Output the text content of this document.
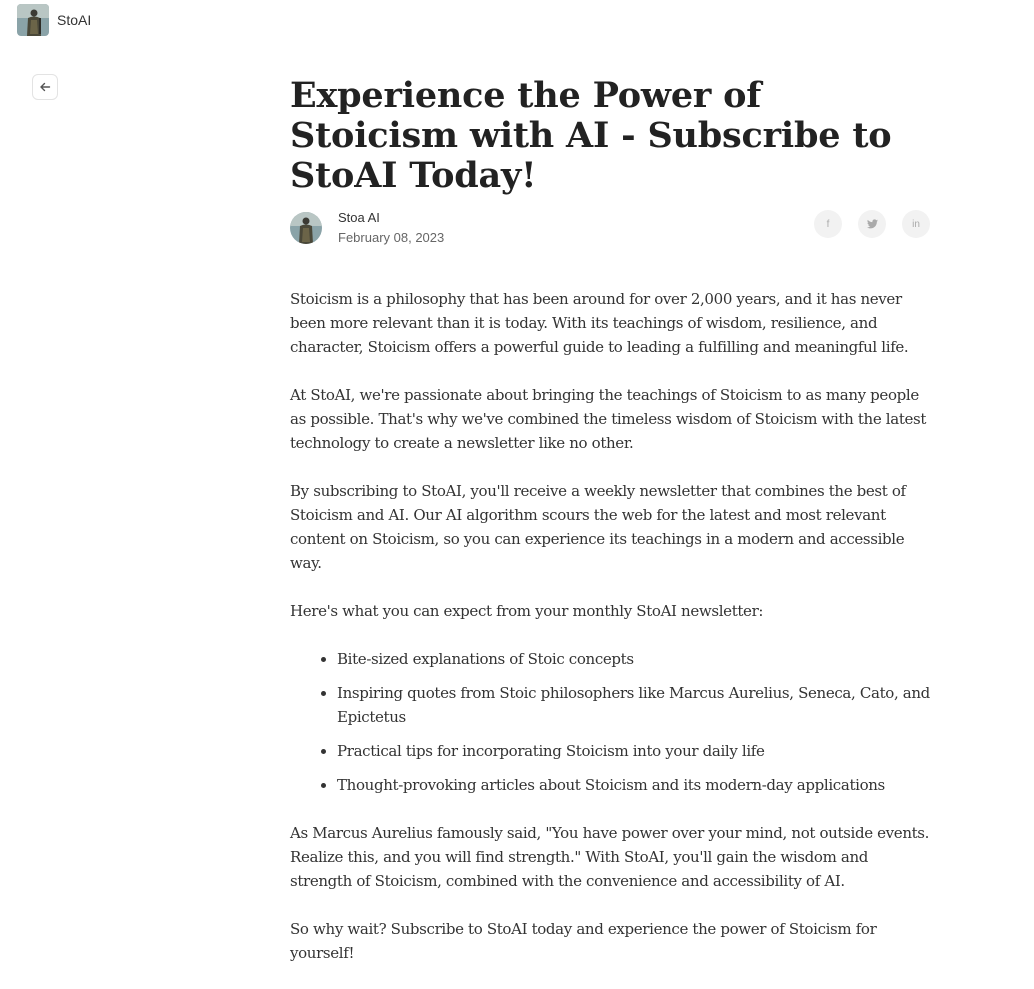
StoAI
Experience the Power of Stoicism with AI - Subscribe to StoAI Today!
Stoa AI
February 08, 2023
f	in

Stoicism is a philosophy that has been around for over 2,000 years, and it has never been more relevant than it is today. With its teachings of wisdom, resilience, and character, Stoicism offers a powerful guide to leading a fulfilling and meaningful life.

At StoAI, we're passionate about bringing the teachings of Stoicism to as many people as possible. That's why we've combined the timeless wisdom of Stoicism with the latest technology to create a newsletter like no other.

By subscribing to StoAI, you'll receive a weekly newsletter that combines the best of Stoicism and AI. Our AI algorithm scours the web for the latest and most relevant content on Stoicism, so you can experience its teachings in a modern and accessible way.

Here's what you can expect from your monthly StoAI newsletter:

• Bite-sized explanations of Stoic concepts
• Inspiring quotes from Stoic philosophers like Marcus Aurelius, Seneca, Cato, and Epictetus
• Practical tips for incorporating Stoicism into your daily life
• Thought-provoking articles about Stoicism and its modern-day applications

As Marcus Aurelius famously said, "You have power over your mind, not outside events. Realize this, and you will find strength." With StoAI, you'll gain the wisdom and strength of Stoicism, combined with the convenience and accessibility of AI.

So why wait? Subscribe to StoAI today and experience the power of Stoicism for yourself!
